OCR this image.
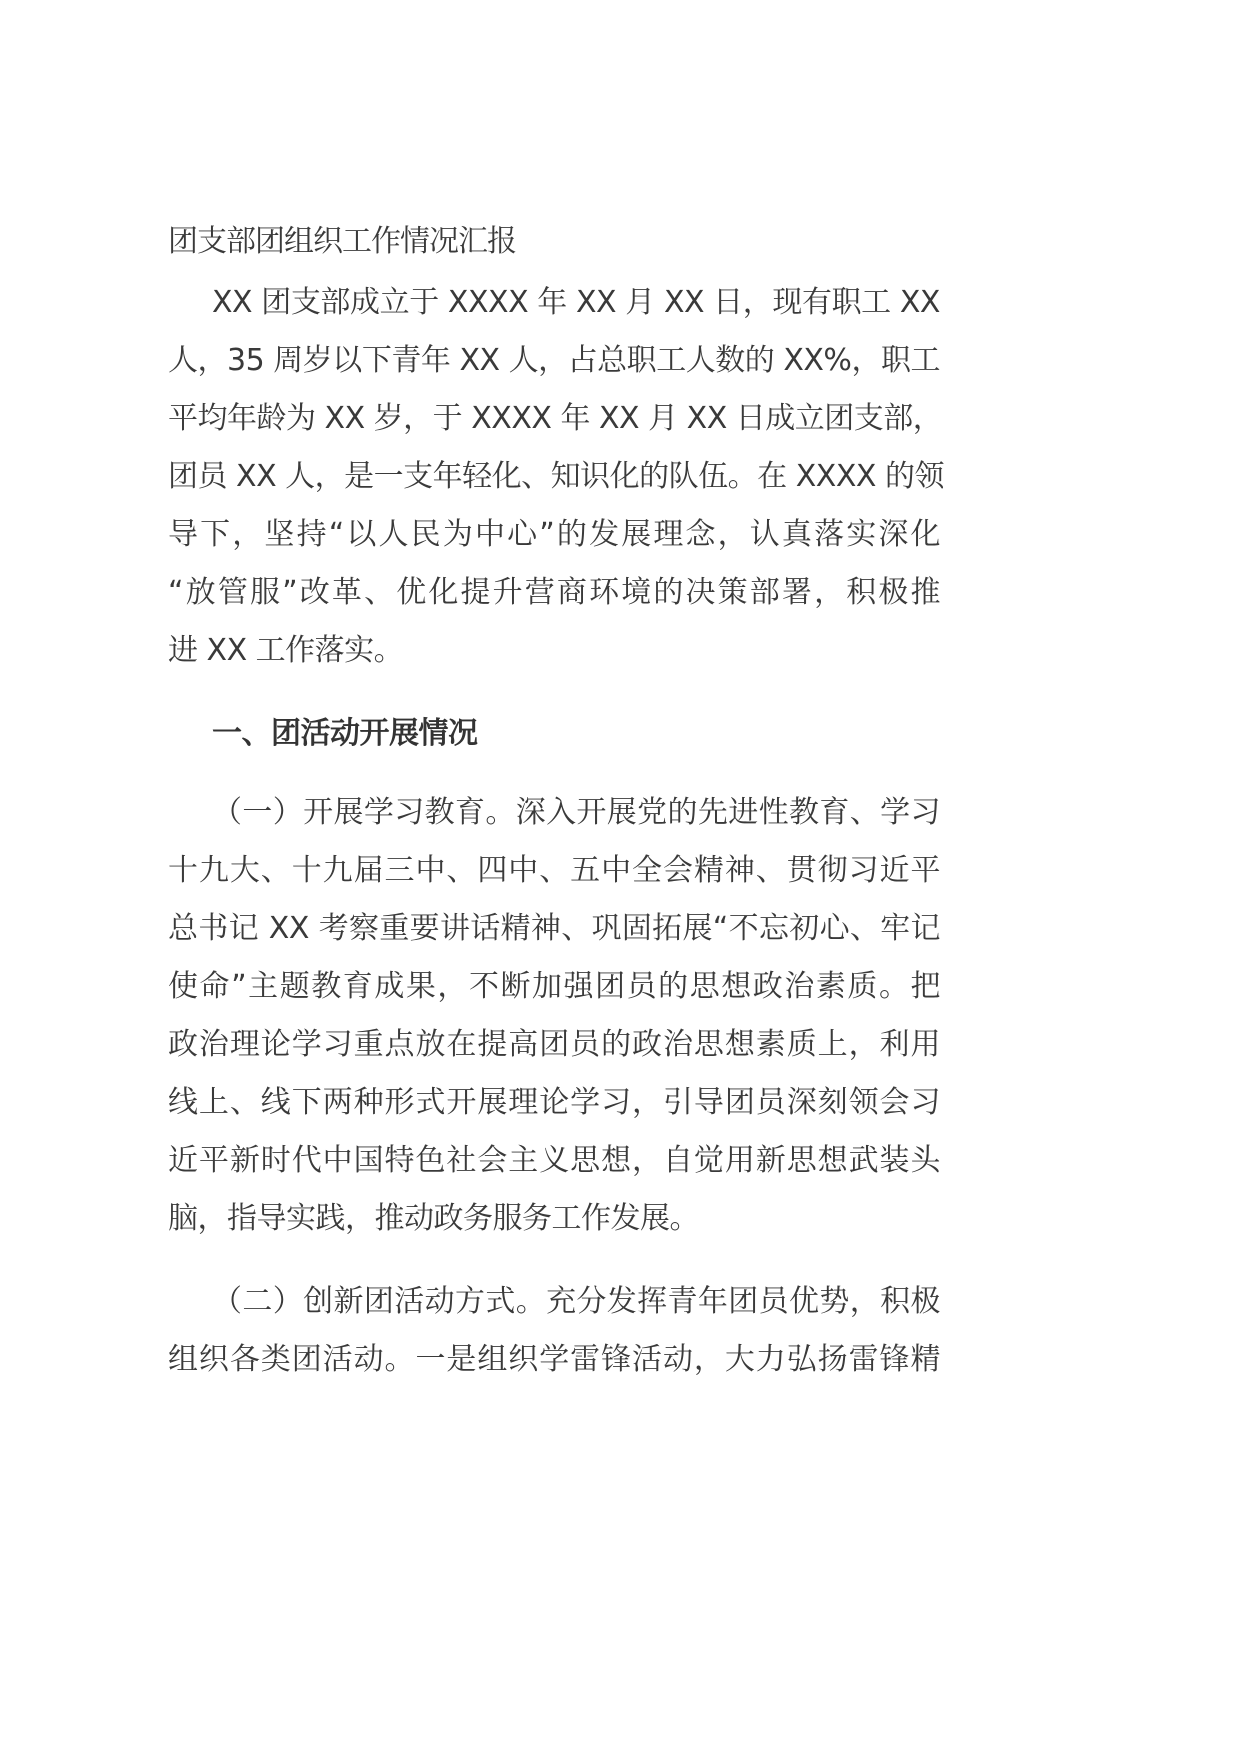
团支部团组织工作情况汇报
XX 团支部成立于 XXXX 年 XX 月 XX 日，现有职工 XX
人，35 周岁以下青年 XX 人，占总职工人数的 XX%，职工
平均年龄为 XX 岁，于 XXXX 年 XX 月 XX 日成立团支部，
团员 XX 人，是一支年轻化、知识化的队伍。在 XXXX 的领
导下，坚持“以人民为中心”的发展理念，认真落实深化
“放管服”改革、优化提升营商环境的决策部署，积极推
进 XX 工作落实。
一、团活动开展情况
（一）开展学习教育。深入开展党的先进性教育、学习
十九大、十九届三中、四中、五中全会精神、贯彻习近平
总书记 XX 考察重要讲话精神、巩固拓展“不忘初心、牢记
使命”主题教育成果，不断加强团员的思想政治素质。把
政治理论学习重点放在提高团员的政治思想素质上，利用
线上、线下两种形式开展理论学习，引导团员深刻领会习
近平新时代中国特色社会主义思想，自觉用新思想武装头
脑，指导实践，推动政务服务工作发展。
（二）创新团活动方式。充分发挥青年团员优势，积极
组织各类团活动。一是组织学雷锋活动，大力弘扬雷锋精
